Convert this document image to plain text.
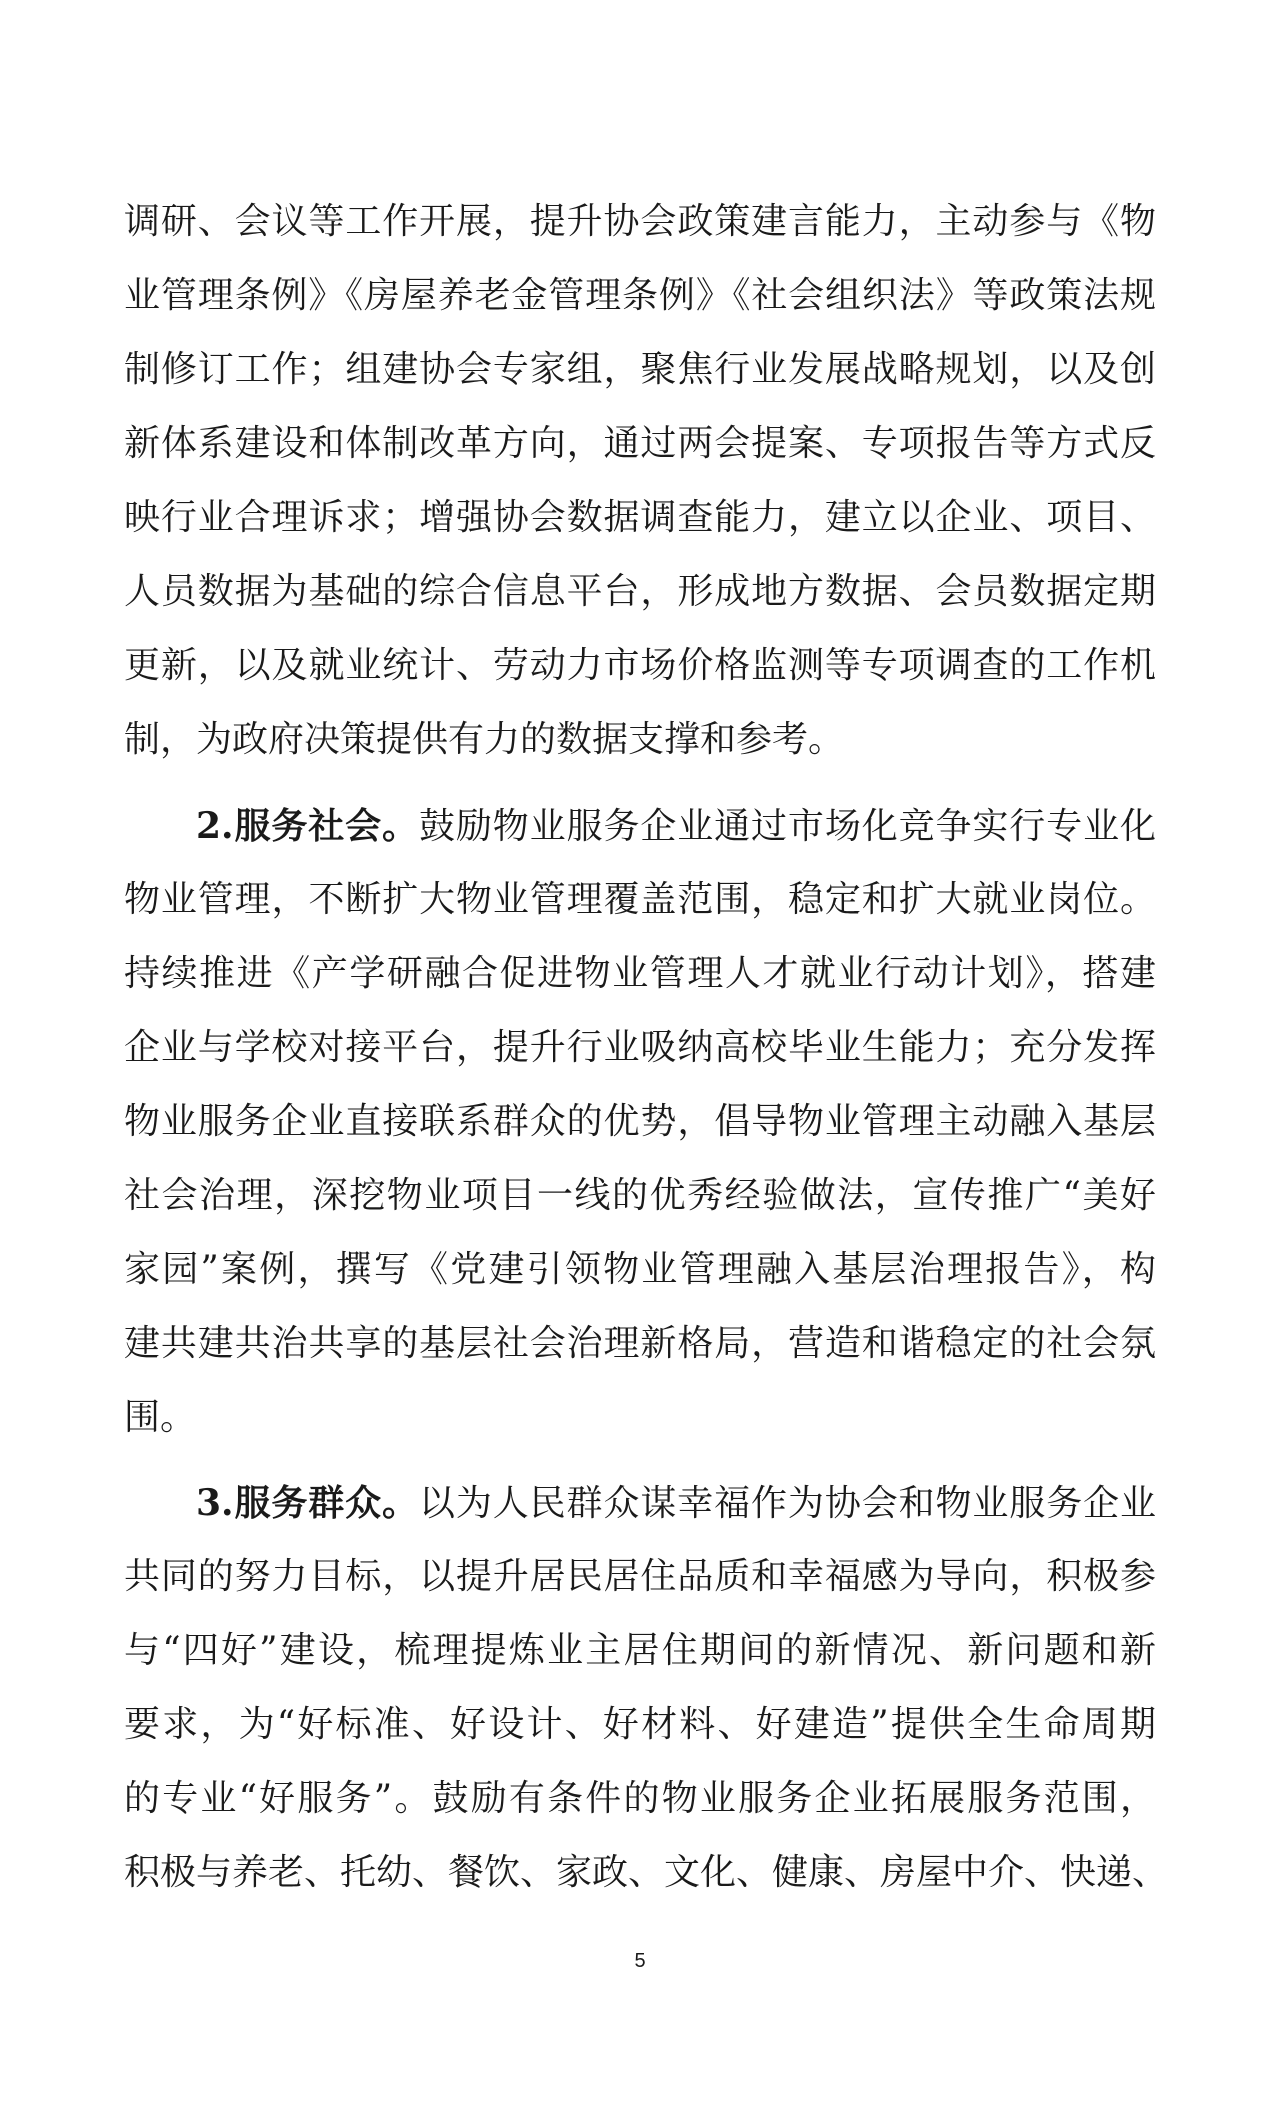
调研、会议等工作开展，提升协会政策建言能力，主动参与《物
业管理条例》《房屋养老金管理条例》《社会组织法》等政策法规
制修订工作；组建协会专家组，聚焦行业发展战略规划，以及创
新体系建设和体制改革方向，通过两会提案、专项报告等方式反
映行业合理诉求；增强协会数据调查能力，建立以企业、项目、
人员数据为基础的综合信息平台，形成地方数据、会员数据定期
更新，以及就业统计、劳动力市场价格监测等专项调查的工作机
制，为政府决策提供有力的数据支撑和参考。
2.服务社会。鼓励物业服务企业通过市场化竞争实行专业化
物业管理，不断扩大物业管理覆盖范围，稳定和扩大就业岗位。
持续推进《产学研融合促进物业管理人才就业行动计划》，搭建
企业与学校对接平台，提升行业吸纳高校毕业生能力；充分发挥
物业服务企业直接联系群众的优势，倡导物业管理主动融入基层
社会治理，深挖物业项目一线的优秀经验做法，宣传推广“美好
家园”案例，撰写《党建引领物业管理融入基层治理报告》，构
建共建共治共享的基层社会治理新格局，营造和谐稳定的社会氛
围。
3.服务群众。以为人民群众谋幸福作为协会和物业服务企业
共同的努力目标，以提升居民居住品质和幸福感为导向，积极参
与“四好”建设，梳理提炼业主居住期间的新情况、新问题和新
要求，为“好标准、好设计、好材料、好建造”提供全生命周期
的专业“好服务”。鼓励有条件的物业服务企业拓展服务范围，
积极与养老、托幼、餐饮、家政、文化、健康、房屋中介、快递、
5
